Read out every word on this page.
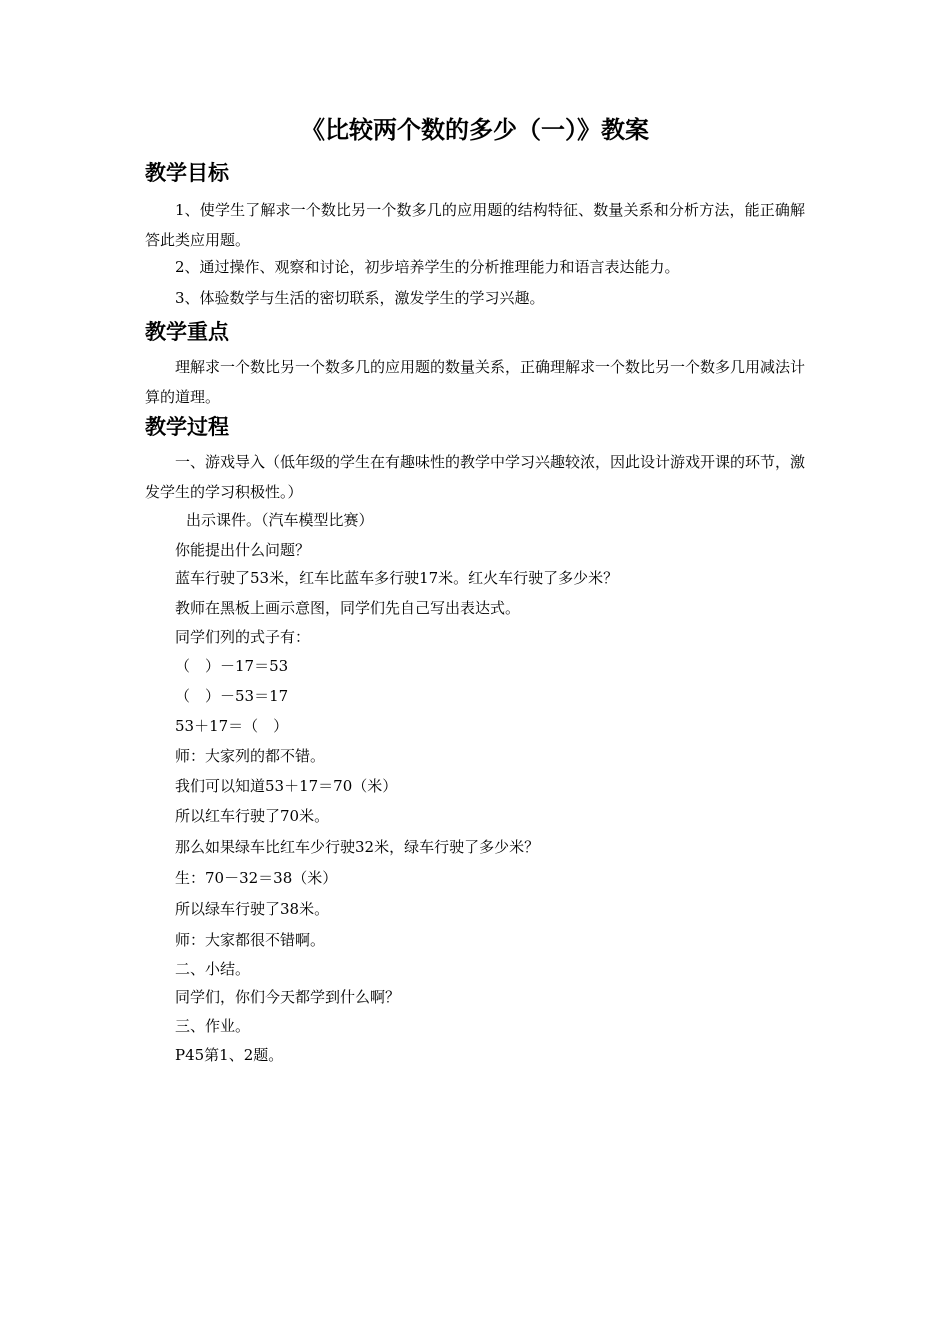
《比较两个数的多少（一）》教案
教学目标

1、使学生了解求一个数比另一个数多几的应用题的结构特征、数量关系和分析方法，能正确解答此类应用题。

2、通过操作、观察和讨论，初步培养学生的分析推理能力和语言表达能力。

3、体验数学与生活的密切联系，激发学生的学习兴趣。

教学重点

理解求一个数比另一个数多几的应用题的数量关系，正确理解求一个数比另一个数多几用减法计算的道理。

教学过程

一、游戏导入（低年级的学生在有趣味性的教学中学习兴趣较浓，因此设计游戏开课的环节，激发学生的学习积极性。）

出示课件。（汽车模型比赛）

你能提出什么问题？

蓝车行驶了53米，红车比蓝车多行驶17米。红火车行驶了多少米？

教师在黑板上画示意图，同学们先自己写出表达式。

同学们列的式子有：

（　）－17＝53

（　）－53＝17

53＋17＝（　）

师：大家列的都不错。

我们可以知道53＋17＝70（米）

所以红车行驶了70米。

那么如果绿车比红车少行驶32米，绿车行驶了多少米？

生：70－32＝38（米）

所以绿车行驶了38米。

师：大家都很不错啊。

二、小结。

同学们，你们今天都学到什么啊？

三、作业。

P45第1、2题。
